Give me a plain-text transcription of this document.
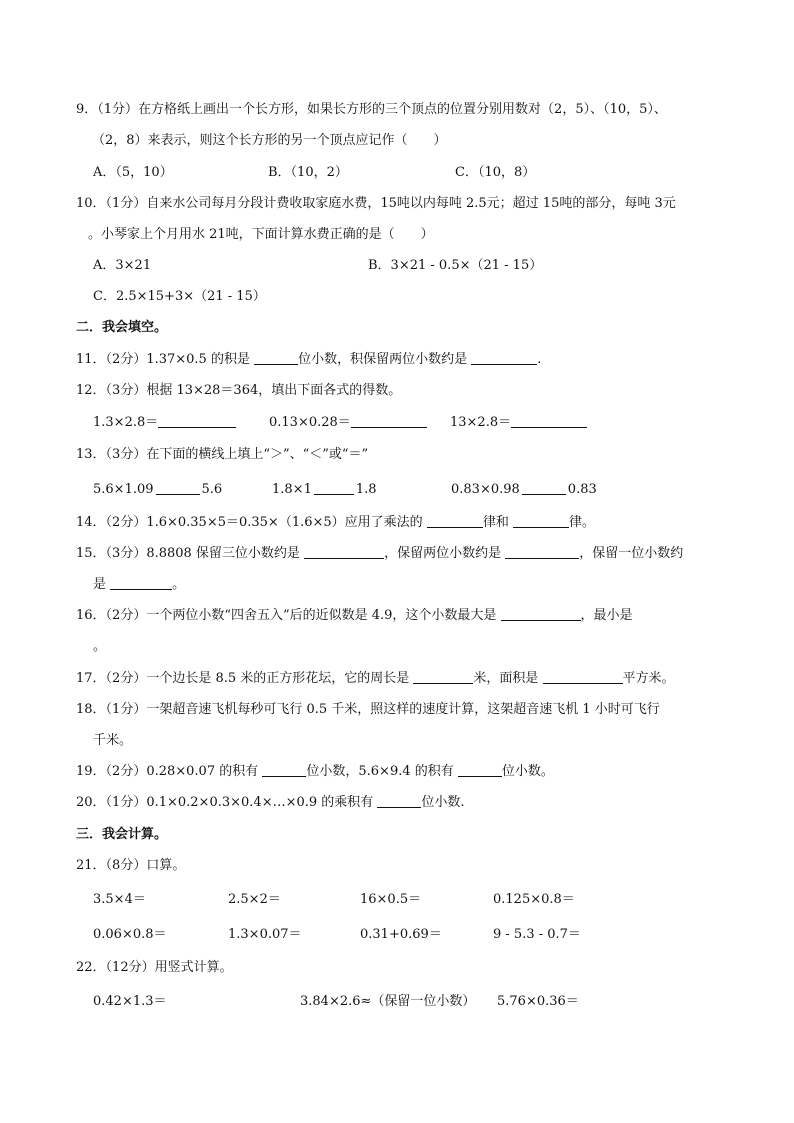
9．（1分）在方格纸上画出一个长方形，如果长方形的三个顶点的位置分别用数对（2，5）、（10，5）、
（2，8）来表示，则这个长方形的另一个顶点应记作（　　）
A．（5，10）	B．（10，2）	C．（10，8）
10．（1分）自来水公司每月分段计费收取家庭水费，15吨以内每吨 2.5元；超过 15吨的部分，每吨 3元
。小琴家上个月用水 21吨，下面计算水费正确的是（　　）
A．3×21	B．3×21 - 0.5×（21 - 15）
C．2.5×15+3×（21 - 15）
二．我会填空。
11．（2分）1.37×0.5 的积是	位小数，积保留两位小数约是	.
12．（3分）根据 13×28＝364，填出下面各式的得数。
1.3×2.8＝	0.13×0.28＝	13×2.8＝
13．（3分）在下面的横线上填上“＞”、“＜”或“＝”
5.6×1.09	5.6	1.8×1	1.8	0.83×0.98	0.83
14．（2分）1.6×0.35×5＝0.35×（1.6×5）应用了乘法的	律和	律。
15．（3分）8.8808 保留三位小数约是	，保留两位小数约是	，保留一位小数约
是	。
16．（2分）一个两位小数“四舍五入”后的近似数是 4.9，这个小数最大是	，最小是
。
17．（2分）一个边长是 8.5 米的正方形花坛，它的周长是	米，面积是	平方米。
18．（1分）一架超音速飞机每秒可飞行 0.5 千米，照这样的速度计算，这架超音速飞机 1 小时可飞行
千米。
19．（2分）0.28×0.07 的积有	位小数，5.6×9.4 的积有	位小数。
20．（1分）0.1×0.2×0.3×0.4×…×0.9 的乘积有	位小数.
三．我会计算。
21．（8分）口算。
3.5×4＝	2.5×2＝	16×0.5＝	0.125×0.8＝
0.06×0.8＝	1.3×0.07＝	0.31+0.69＝	9 - 5.3 - 0.7＝
22．（12分）用竖式计算。
0.42×1.3＝	3.84×2.6≈（保留一位小数） 5.76×0.36＝
